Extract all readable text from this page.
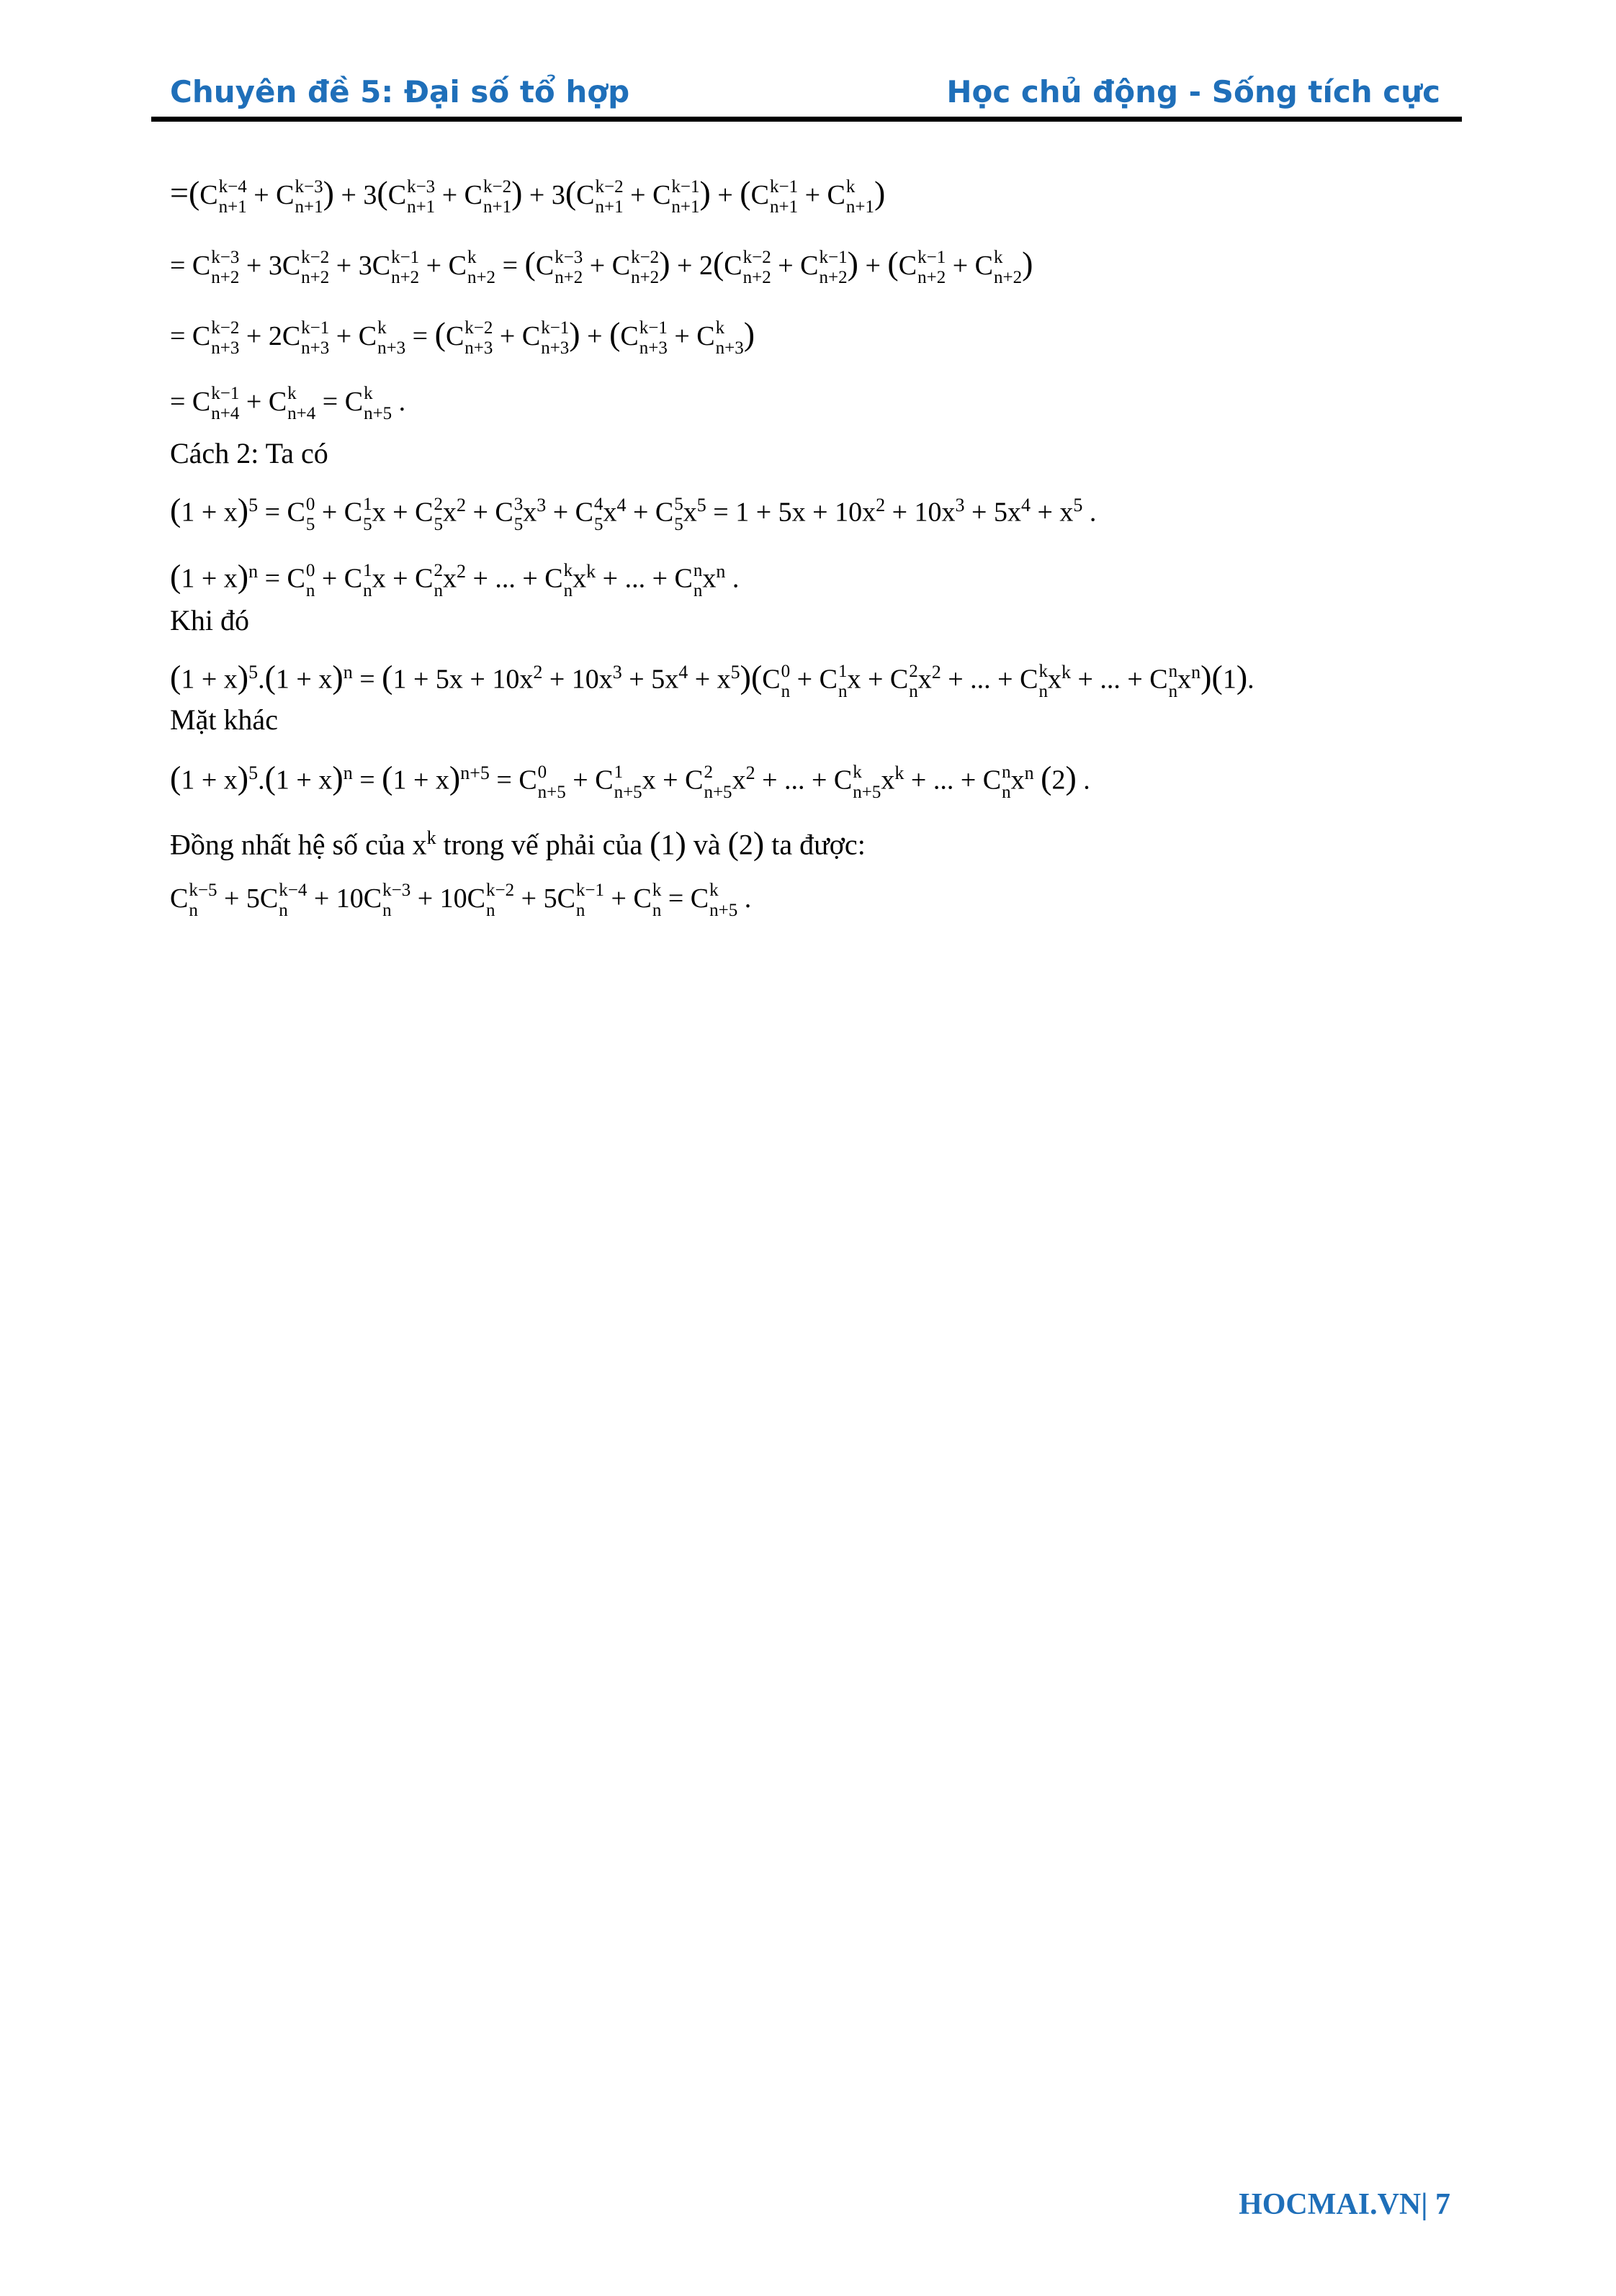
Chuyên đề 5: Đại số tổ hợp	Học chủ động - Sống tích cực
=(C k−4
n+1 + C k−3
n+1 ) + 3(C k−3
n+1 + C k−2
n+1 ) + 3(C k−2
n+1 + C k−1
n+1 ) + (C k−1
n+1 + C k
n+1 )
= C k−3
n+2 + 3C k−2
n+2 + 3C k−1
n+2 + C k
n+2 = (C k−3
n+2 + C k−2
n+2 ) + 2(C k−2
n+2 + C k−1
n+2 ) + (C k−1
n+2 + C k
n+2 )
= C k−2
n+3 + 2C k−1
n+3 + C k
n+3 = (C k−2
n+3 + C k−1
n+3 ) + (C k−1
n+3 + C k
n+3 )
= C k−1
n+4 + C k
n+4 = C k
n+5 .
Cách 2: Ta có
$(1 + x)^5 = C$ 0
5 + C 1
5 x + C 2
5 $x^2 + C$ 3
5 $x^3 + C$ 4
5 $x^4 + C$ 5
5 $x^5 = 1 + 5x + 10x^2 + 10x^3 + 5x^4 + x^5$ .
$(1 + x)^n = C$ 0
n + C 1
n x + C 2
n $x^2$ + ... + C k
n $x^k$ + ... + C n
n $x^n$ .
Khi đó
$(1 + x)^5.(1 + x)^n = (1 + 5x + 10x^2 + 10x^3 + 5x^4 + x^5)(C$ 0
n + C 1
n x + C 2
n $x^2$ + ... + C k
n $x^k$ + ... + C n
n $x^n)(1)$.
Mặt khác
$(1 + x)^5.(1 + x)^n = (1 + x)^{n+5} = C$ 0
n+5 + C 1
n+5 x + C 2
n+5 $x^2$ + ... + C k
n+5 $x^k$ + ... + C n
n $x^n$ (2) .
Đồng nhất hệ số của $x^k$ trong vế phải của (1) và (2) ta được:
C k−5
n + 5C k−4
n + 10C k−3
n + 10C k−2
n + 5C k−1
n + C k
n = C k
n+5 .
HOCMAI.VN| 7
